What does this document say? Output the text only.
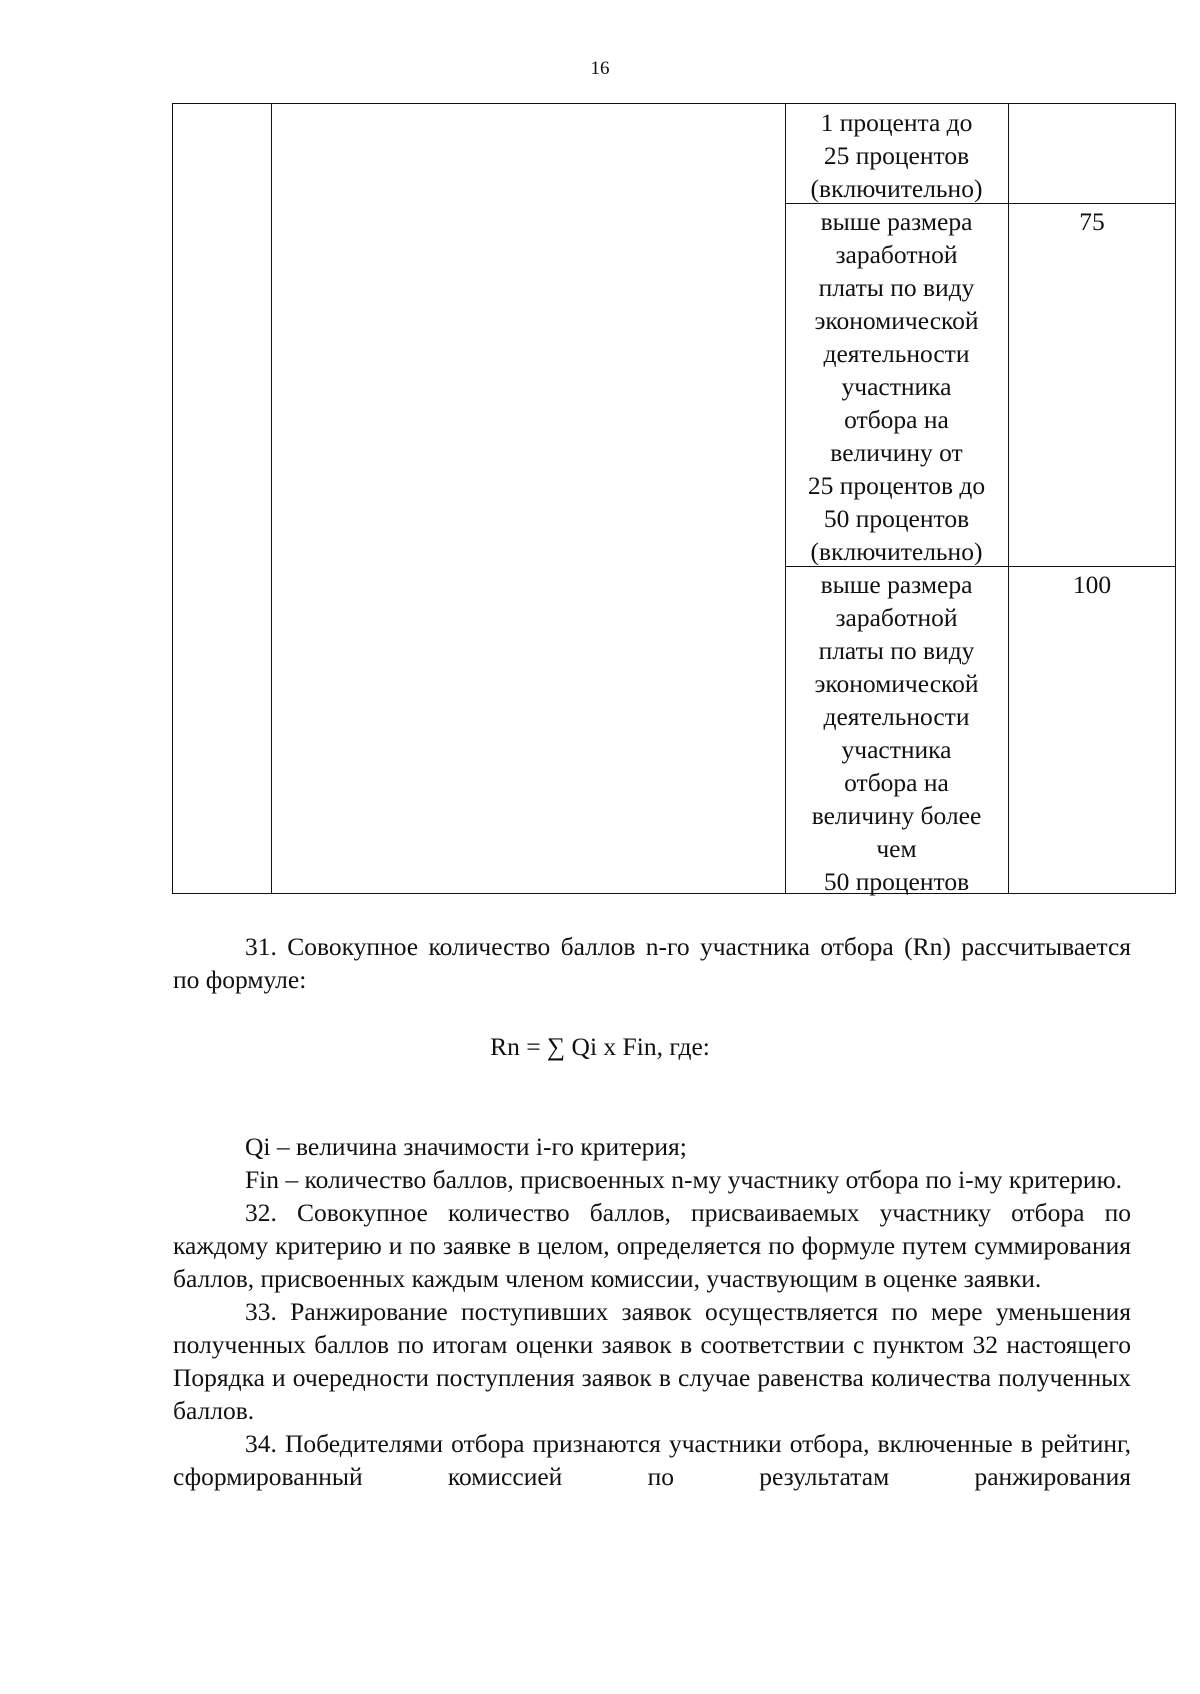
16
1 процента до
25 процентов
(включительно)
выше размера
заработной
платы по виду
экономической
деятельности
участника
отбора на
величину от
25 процентов до
50 процентов
(включительно)
75
выше размера
заработной
платы по виду
экономической
деятельности
участника
отбора на
величину более
чем
50 процентов
100

31. Совокупное количество баллов n-го участника отбора (Rn) рассчитывается по формуле:

Rn = ∑ Qi x Fin, где:

Qi – величина значимости i-го критерия;

Fin – количество баллов, присвоенных n-му участнику отбора по i-му критерию.

32. Совокупное количество баллов, присваиваемых участнику отбора по каждому критерию и по заявке в целом, определяется по формуле путем суммирования баллов, присвоенных каждым членом комиссии, участвующим в оценке заявки.

33. Ранжирование поступивших заявок осуществляется по мере уменьшения полученных баллов по итогам оценки заявок в соответствии с пунктом 32 настоящего Порядка и очередности поступления заявок в случае равенства количества полученных баллов.

34. Победителями отбора признаются участники отбора, включенные в рейтинг, сформированный комиссией по результатам ранжирования
